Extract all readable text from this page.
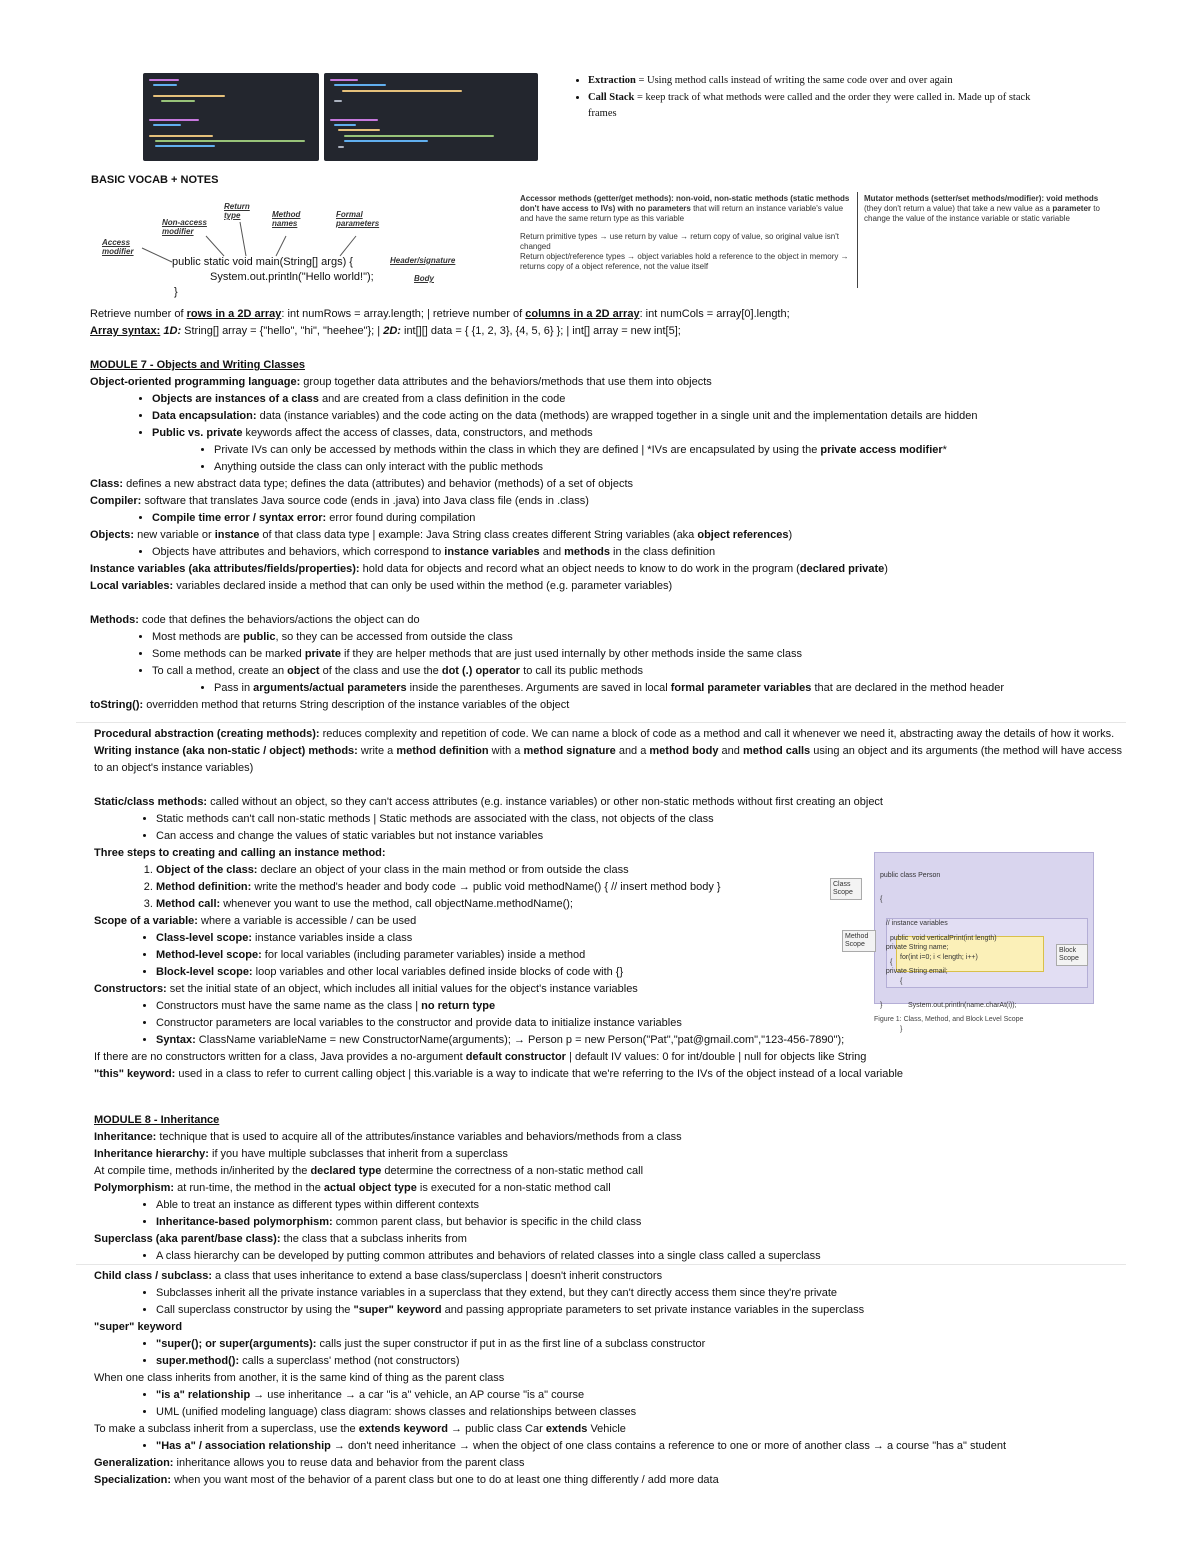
• Extraction = Using method calls instead of writing the same code over and over again
• Call Stack = keep track of what methods were called and the order they were called in. Made up of stack frames
BASIC VOCAB + NOTES
Access modifier
Non-access modifier
Return type	Method names
Formal parameters
Header/signature
Body
public static void main(String[] args) {
System.out.println("Hello world!");
}
Accessor methods (getter/get methods): non-void, non-static methods (static methods don't have access to IVs) with no parameters that will return an instance variable's value and have the same return type as this variable
Return primitive types → use return by value → return copy of value, so original value isn't changed
Return object/reference types → object variables hold a reference to the object in memory → returns copy of a object reference, not the value itself
Mutator methods (setter/set methods/modifier): void methods (they don't return a value) that take a new value as a parameter to change the value of the instance variable or static variable
Retrieve number of rows in a 2D array: int numRows = array.length; | retrieve number of columns in a 2D array: int numCols = array[0].length;
Array syntax: 1D: String[] array = {"hello", "hi", "heehee"}; | 2D: int[][] data = { {1, 2, 3}, {4, 5, 6} }; | int[] array = new int[5];

MODULE 7 - Objects and Writing Classes

Object-oriented programming language: group together data attributes and the behaviors/methods that use them into objects

• Objects are instances of a class and are created from a class definition in the code
• Data encapsulation: data (instance variables) and the code acting on the data (methods) are wrapped together in a single unit and the implementation details are hidden
• Public vs. private keywords affect the access of classes, data, constructors, and methods
• Private IVs can only be accessed by methods within the class in which they are defined | *IVs are encapsulated by using the private access modifier*
• Anything outside the class can only interact with the public methods

Class: defines a new abstract data type; defines the data (attributes) and behavior (methods) of a set of objects

Compiler: software that translates Java source code (ends in .java) into Java class file (ends in .class)

• Compile time error / syntax error: error found during compilation

Objects: new variable or instance of that class data type | example: Java String class creates different String variables (aka object references)

• Objects have attributes and behaviors, which correspond to instance variables and methods in the class definition

Instance variables (aka attributes/fields/properties): hold data for objects and record what an object needs to know to do work in the program (declared private)

Local variables: variables declared inside a method that can only be used within the method (e.g. parameter variables)

Methods: code that defines the behaviors/actions the object can do

• Most methods are public, so they can be accessed from outside the class
• Some methods can be marked private if they are helper methods that are just used internally by other methods inside the same class
• To call a method, create an object of the class and use the dot (.) operator to call its public methods
• Pass in arguments/actual parameters inside the parentheses. Arguments are saved in local formal parameter variables that are declared in the method header

toString(): overridden method that returns String description of the instance variables of the object

Procedural abstraction (creating methods): reduces complexity and repetition of code. We can name a block of code as a method and call it whenever we need it, abstracting away the details of how it works.

Writing instance (aka non-static / object) methods: write a method definition with a method signature and a method body and method calls using an object and its arguments (the method will have access to an object's instance variables)

Static/class methods: called without an object, so they can't access attributes (e.g. instance variables) or other non-static methods without first creating an object

• Static methods can't call non-static methods | Static methods are associated with the class, not objects of the class
• Can access and change the values of static variables but not instance variables

Three steps to creating and calling an instance method:

1. Object of the class: declare an object of your class in the main method or from outside the class
2. Method definition: write the method's header and body code → public void methodName() { // insert method body }
3. Method call: whenever you want to use the method, call objectName.methodName();

Scope of a variable: where a variable is accessible / can be used

• Class-level scope: instance variables inside a class
• Method-level scope: for local variables (including parameter variables) inside a method
• Block-level scope: loop variables and other local variables defined inside blocks of code with {}

Constructors: set the initial state of an object, which includes all initial values for the object's instance variables

• Constructors must have the same name as the class | no return type
• Constructor parameters are local variables to the constructor and provide data to initialize instance variables
• Syntax: ClassName variableName = new ConstructorName(arguments); → Person p = new Person("Pat","pat@gmail.com","123-456-7890");

If there are no constructors written for a class, Java provides a no-argument default constructor | default IV values: 0 for int/double | null for objects like String

"this" keyword: used in a class to refer to current calling object | this.variable is a way to indicate that we're referring to the IVs of the object instead of a local variable

public class Person

{

// instance variables

private String name;

private String email;

public  void verticalPrint(int length)

{

for(int i=0; i < length; i++)

{

System.out.println(name.charAt(i));

}

}

Class Scope
Method Scope
Block Scope
Figure 1: Class, Method, and Block Level Scope

MODULE 8 - Inheritance

Inheritance: technique that is used to acquire all of the attributes/instance variables and behaviors/methods from a class

Inheritance hierarchy: if you have multiple subclasses that inherit from a superclass

At compile time, methods in/inherited by the declared type determine the correctness of a non-static method call

Polymorphism: at run-time, the method in the actual object type is executed for a non-static method call

• Able to treat an instance as different types within different contexts
• Inheritance-based polymorphism: common parent class, but behavior is specific in the child class

Superclass (aka parent/base class): the class that a subclass inherits from

• A class hierarchy can be developed by putting common attributes and behaviors of related classes into a single class called a superclass

Child class / subclass: a class that uses inheritance to extend a base class/superclass | doesn't inherit constructors

• Subclasses inherit all the private instance variables in a superclass that they extend, but they can't directly access them since they're private
• Call superclass constructor by using the "super" keyword and passing appropriate parameters to set private instance variables in the superclass

"super" keyword

• "super(); or super(arguments): calls just the super constructor if put in as the first line of a subclass constructor
• super.method(): calls a superclass' method (not constructors)

When one class inherits from another, it is the same kind of thing as the parent class

• "is a" relationship → use inheritance → a car "is a" vehicle, an AP course "is a" course
• UML (unified modeling language) class diagram: shows classes and relationships between classes

To make a subclass inherit from a superclass, use the extends keyword → public class Car extends Vehicle

• "Has a" / association relationship → don't need inheritance → when the object of one class contains a reference to one or more of another class → a course "has a" student

Generalization: inheritance allows you to reuse data and behavior from the parent class

Specialization: when you want most of the behavior of a parent class but one to do at least one thing differently / add more data
